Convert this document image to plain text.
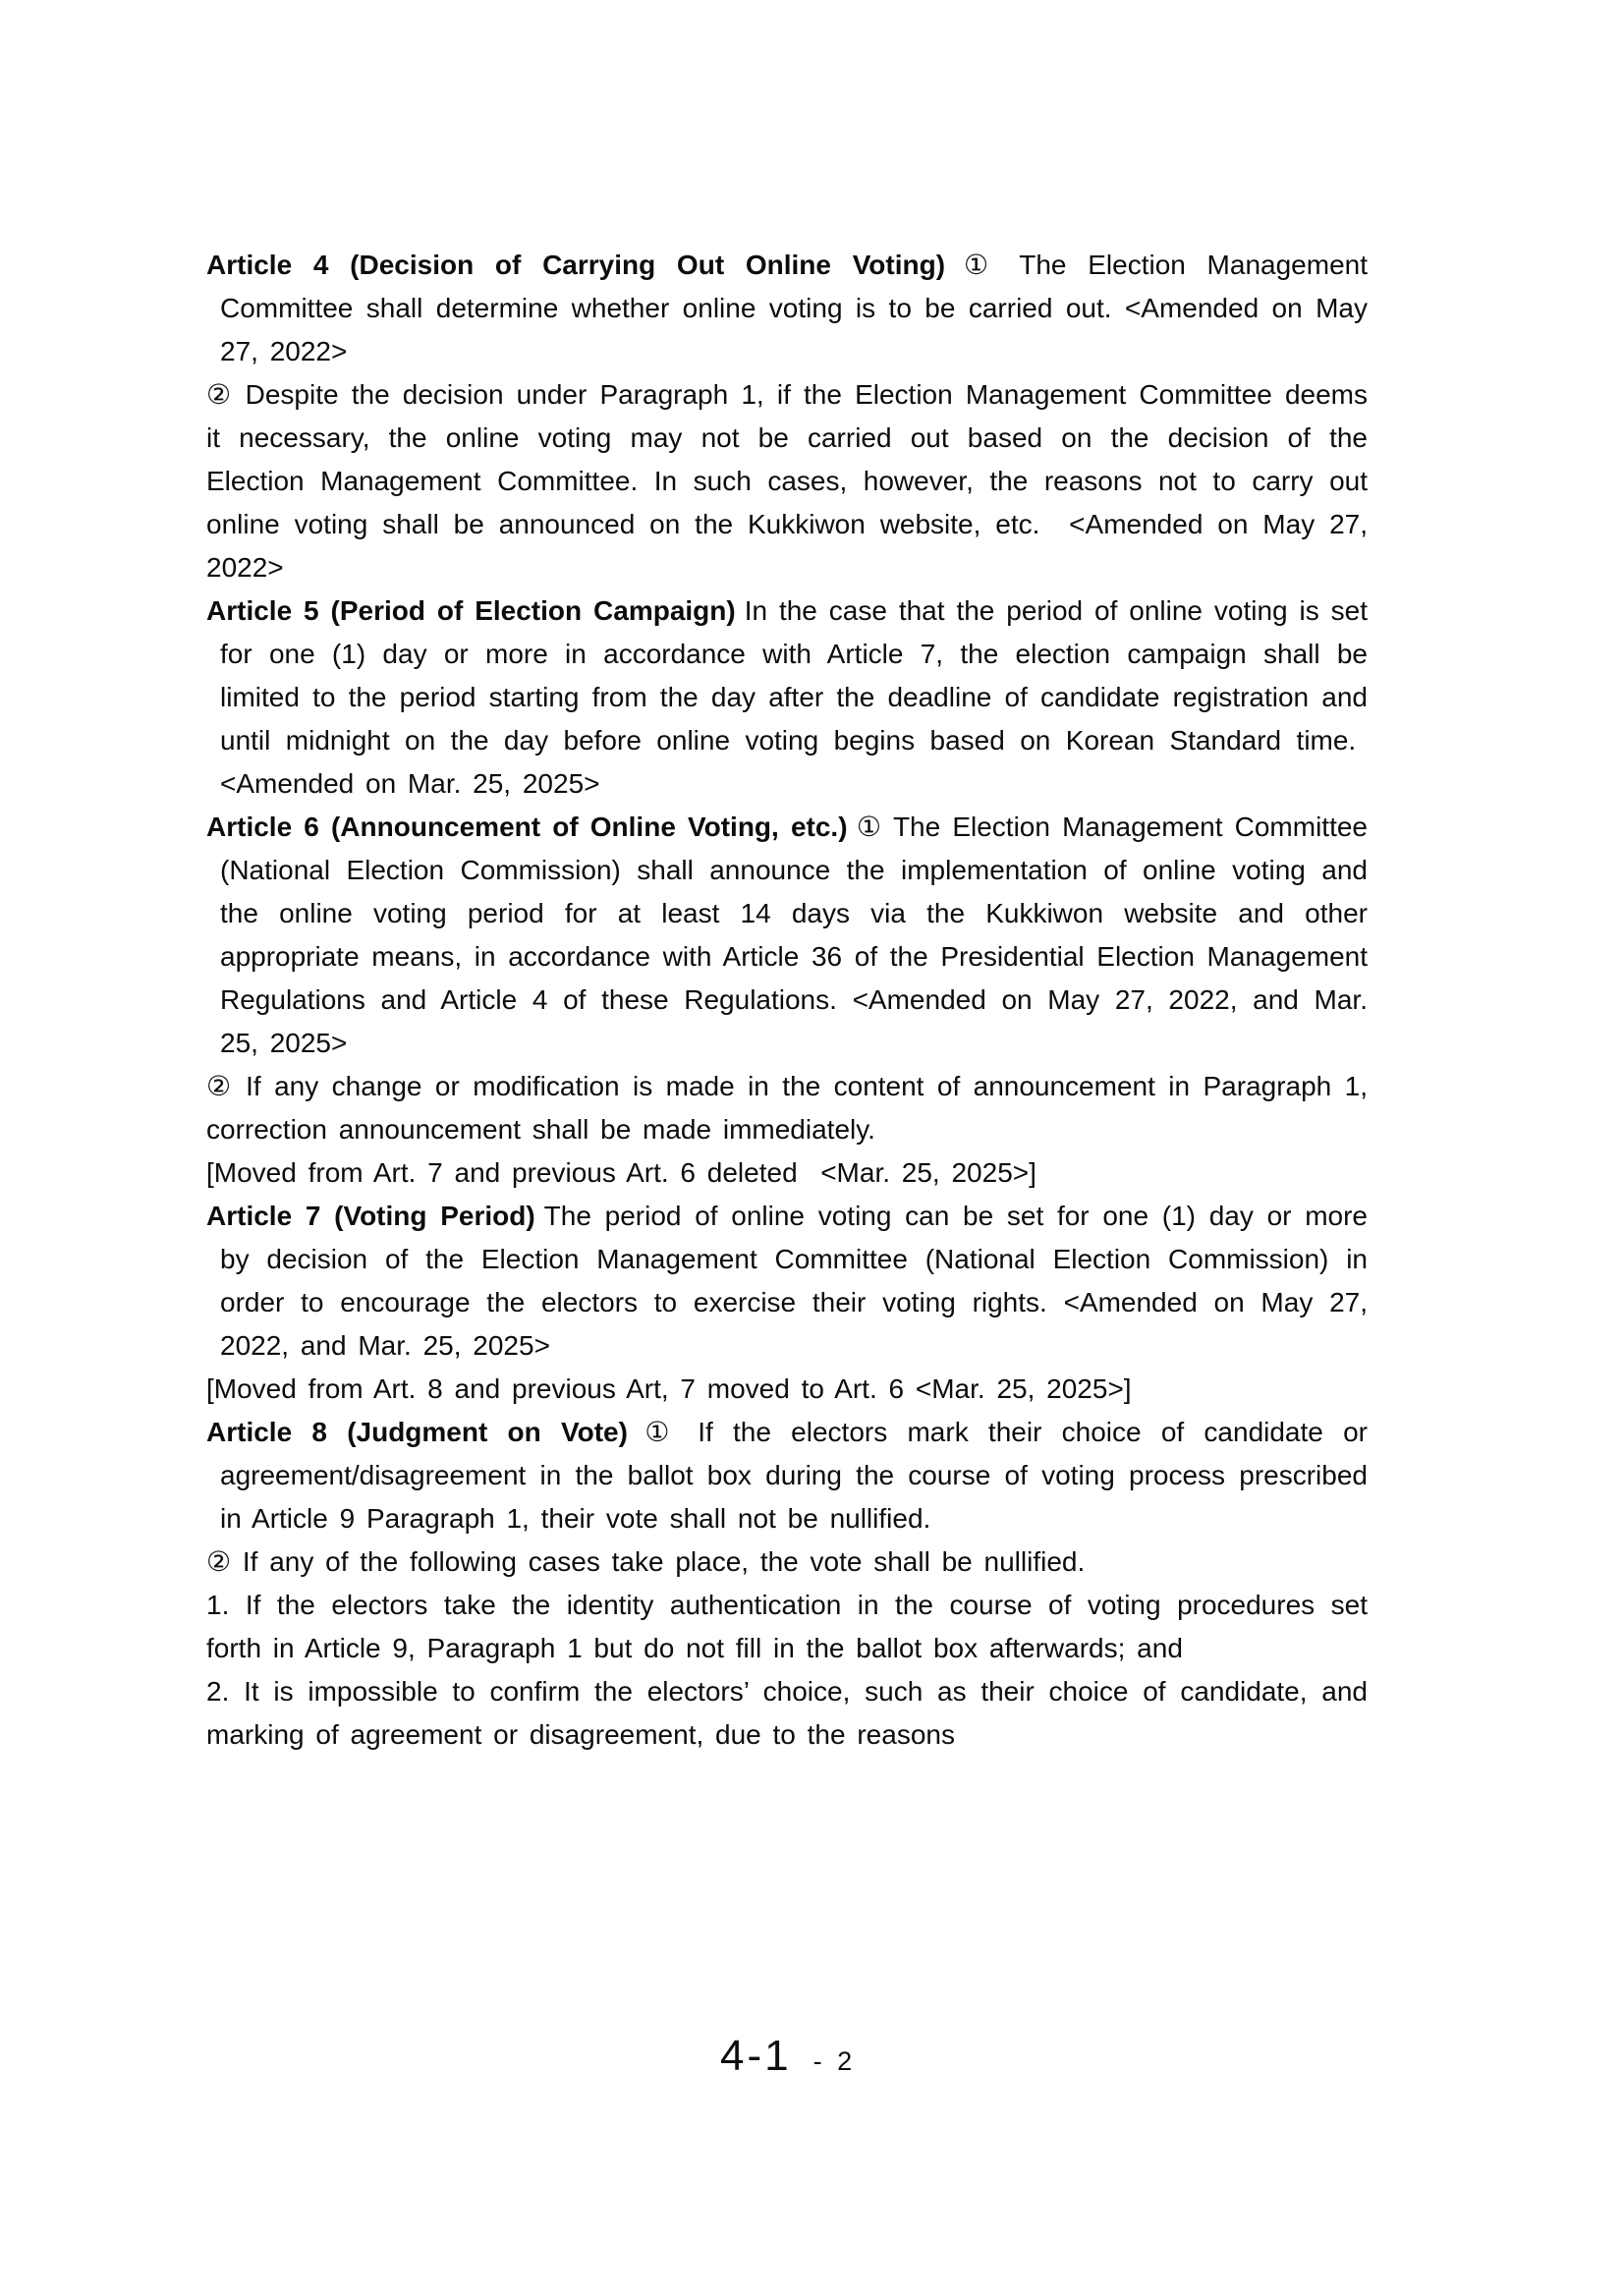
Article 4 (Decision of Carrying Out Online Voting) ① The Election Management Committee shall determine whether online voting is to be carried out. <Amended on May 27, 2022>

② Despite the decision under Paragraph 1, if the Election Management Committee deems it necessary, the online voting may not be carried out based on the decision of the Election Management Committee. In such cases, however, the reasons not to carry out online voting shall be announced on the Kukkiwon website, etc.  <Amended on May 27, 2022>

Article 5 (Period of Election Campaign) In the case that the period of online voting is set for one (1) day or more in accordance with Article 7, the election campaign shall be limited to the period starting from the day after the deadline of candidate registration and until midnight on the day before online voting begins based on Korean Standard time.  <Amended on Mar. 25, 2025>

Article 6 (Announcement of Online Voting, etc.) ① The Election Management Committee (National Election Commission) shall announce the implementation of online voting and the online voting period for at least 14 days via the Kukkiwon website and other appropriate means, in accordance with Article 36 of the Presidential Election Management Regulations and Article 4 of these Regulations. <Amended on May 27, 2022, and Mar. 25, 2025>

② If any change or modification is made in the content of announcement in Paragraph 1, correction announcement shall be made immediately.

[Moved from Art. 7 and previous Art. 6 deleted  <Mar. 25, 2025>]

Article 7 (Voting Period) The period of online voting can be set for one (1) day or more by decision of the Election Management Committee (National Election Commission) in order to encourage the electors to exercise their voting rights. <Amended on May 27, 2022, and Mar. 25, 2025>

[Moved from Art. 8 and previous Art, 7 moved to Art. 6 <Mar. 25, 2025>]

Article 8 (Judgment on Vote) ① If the electors mark their choice of candidate or agreement/disagreement in the ballot box during the course of voting process prescribed in Article 9 Paragraph 1, their vote shall not be nullified.

② If any of the following cases take place, the vote shall be nullified.

1. If the electors take the identity authentication in the course of voting procedures set forth in Article 9, Paragraph 1 but do not fill in the ballot box afterwards; and

2. It is impossible to confirm the electors’ choice, such as their choice of candidate, and marking of agreement or disagreement, due to the reasons

4-1 - 2
